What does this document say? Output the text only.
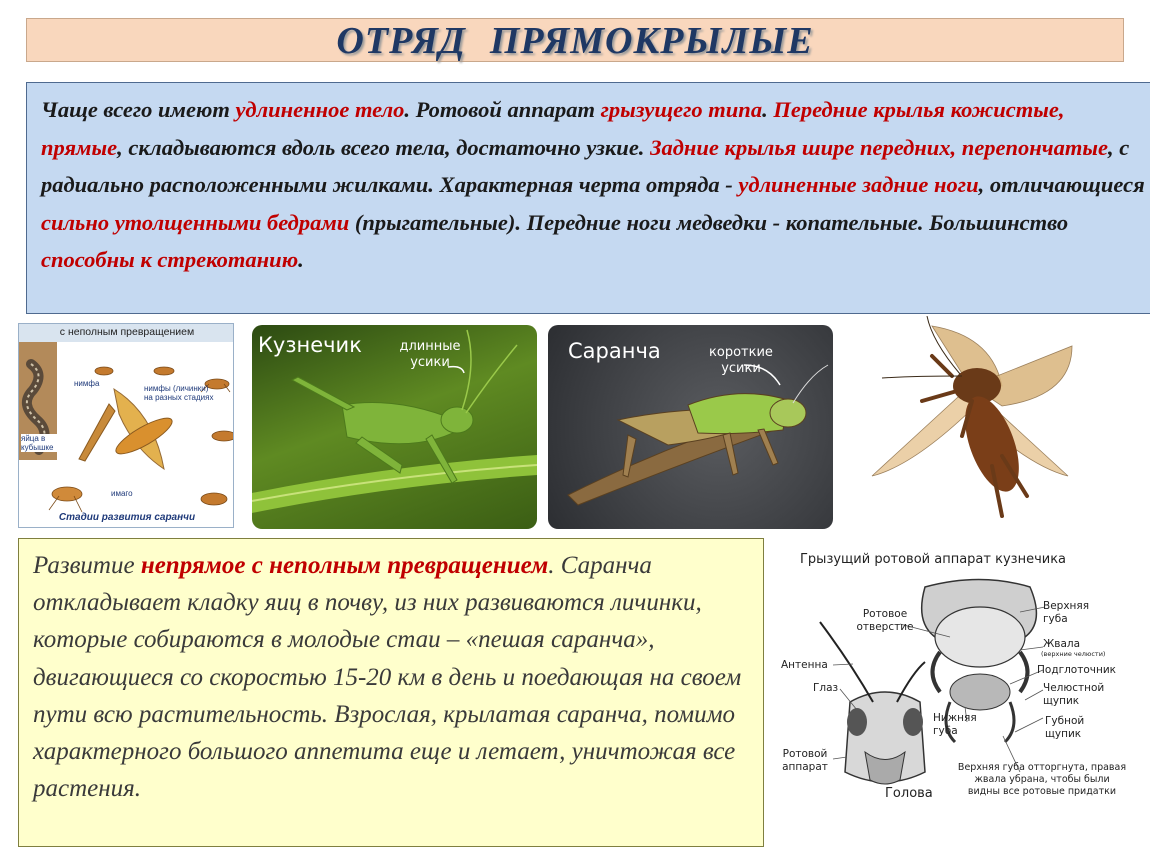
ОТРЯД ПРЯМОКРЫЛЫЕ
Чаще всего имеют удлиненное тело. Ротовой аппарат грызущего типа. Передние крылья кожистые, прямые, складываются вдоль всего тела, достаточно узкие. Задние крылья шире передних, перепончатые, с радиально расположенными жилками. Характерная черта отряда - удлиненные задние ноги, отличающиеся сильно утолщенными бедрами (прыгательные). Передние ноги медведки - копательные. Большинство способны к стрекотанию.
с неполным превращением
нимфа
нимфы (личинки) на разных стадиях
яйца в кубышке
имаго
Стадии развития саранчи
Кузнечик	длинные усики	Саранча	короткие усики
Развитие непрямое с неполным превращением. Саранча откладывает кладку яиц в почву, из них развиваются личинки, которые собираются в молодые стаи – «пешая саранча», двигающиеся со скоростью 15-20 км в день и поедающая на своем пути всю растительность. Взрослая, крылатая саранча, помимо характерного большого аппетита еще и летает, уничтожая все растения.
Грызущий ротовой аппарат кузнечика
Ротовое отверстие
Антенна
Глаз
Ротовой аппарат
Голова
Верхняя губа
Жвала
(верхние челюсти)
Подглоточник
Челюстной щупик
Губной щупик
Нижняя губа
Верхняя губа отторгнута, правая жвала убрана, чтобы были видны все ротовые придатки
